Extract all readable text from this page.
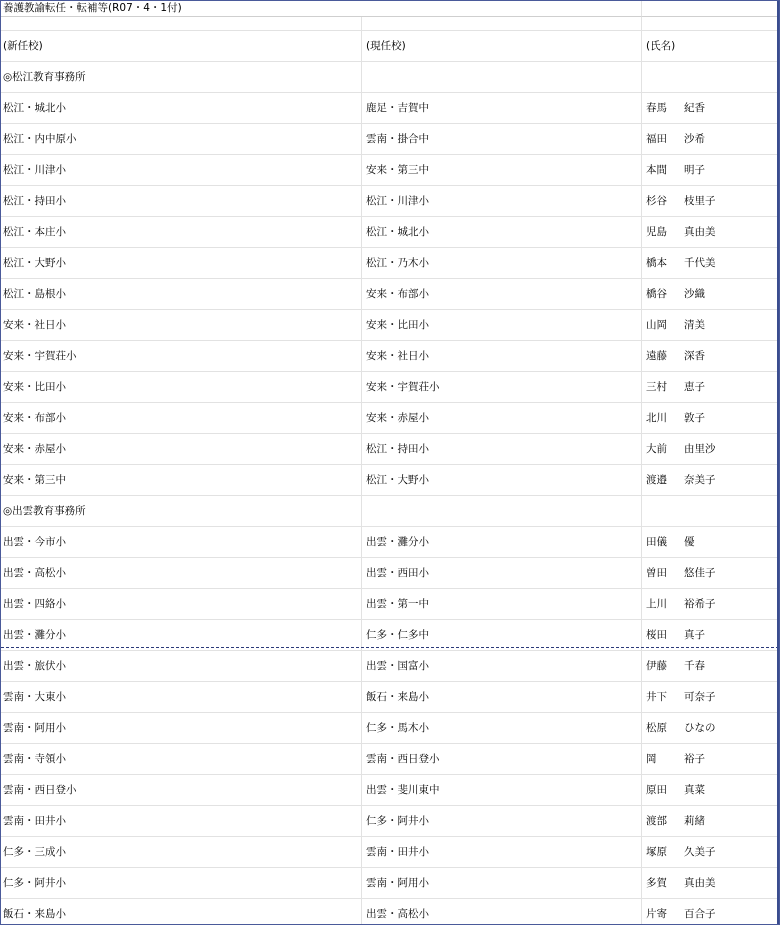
養護教諭転任・転補等(R07・4・1付)
(新任校)	(現任校)	(氏名)
◎松江教育事務所
松江・城北小	鹿足・吉賀中	春馬	紀香
松江・内中原小	雲南・掛合中	福田	沙希
松江・川津小	安来・第三中	本間	明子
松江・持田小	松江・川津小	杉谷	枝里子
松江・本庄小	松江・城北小	児島	真由美
松江・大野小	松江・乃木小	橋本	千代美
松江・島根小	安来・布部小	橋谷	沙織
安来・社日小	安来・比田小	山岡	清美
安来・宇賀荘小	安来・社日小	遠藤	深香
安来・比田小	安来・宇賀荘小	三村	恵子
安来・布部小	安来・赤屋小	北川	敦子
安来・赤屋小	松江・持田小	大前	由里沙
安来・第三中	松江・大野小	渡邉	奈美子
◎出雲教育事務所
出雲・今市小	出雲・灘分小	田儀	優
出雲・高松小	出雲・西田小	曽田	悠佳子
出雲・四絡小	出雲・第一中	上川	裕希子
出雲・灘分小	仁多・仁多中	桜田	真子
出雲・旅伏小	出雲・国富小	伊藤	千春
雲南・大東小	飯石・来島小	井下	可奈子
雲南・阿用小	仁多・馬木小	松原	ひなの
雲南・寺領小	雲南・西日登小	岡	裕子
雲南・西日登小	出雲・斐川東中	原田	真菜
雲南・田井小	仁多・阿井小	渡部	莉緒
仁多・三成小	雲南・田井小	塚原	久美子
仁多・阿井小	雲南・阿用小	多賀	真由美
飯石・来島小	出雲・高松小	片寄	百合子
